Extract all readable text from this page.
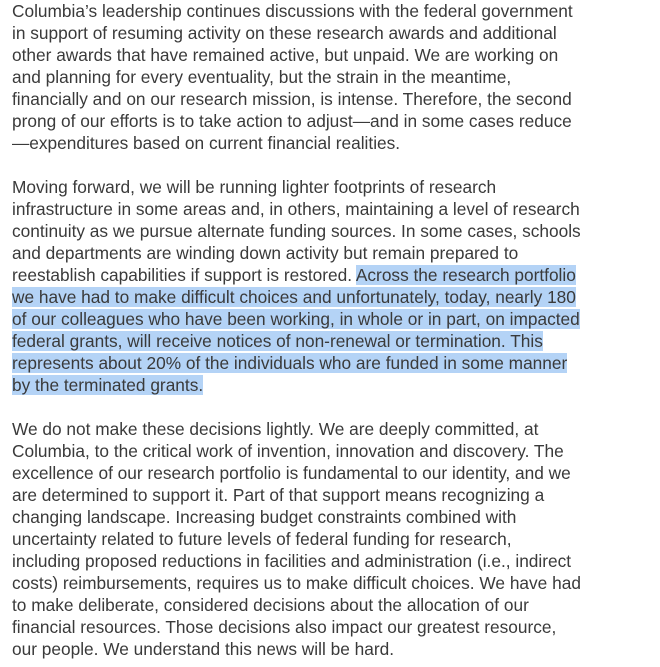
Columbia’s leadership continues discussions with the federal government
in support of resuming activity on these research awards and additional
other awards that have remained active, but unpaid. We are working on
and planning for every eventuality, but the strain in the meantime,
financially and on our research mission, is intense. Therefore, the second
prong of our efforts is to take action to adjust—and in some cases reduce
—expenditures based on current financial realities.
Moving forward, we will be running lighter footprints of research
infrastructure in some areas and, in others, maintaining a level of research
continuity as we pursue alternate funding sources. In some cases, schools
and departments are winding down activity but remain prepared to
reestablish capabilities if support is restored. Across the research portfolio
we have had to make difficult choices and unfortunately, today, nearly 180
of our colleagues who have been working, in whole or in part, on impacted
federal grants, will receive notices of non-renewal or termination. This
represents about 20% of the individuals who are funded in some manner
by the terminated grants.
We do not make these decisions lightly. We are deeply committed, at
Columbia, to the critical work of invention, innovation and discovery. The
excellence of our research portfolio is fundamental to our identity, and we
are determined to support it. Part of that support means recognizing a
changing landscape. Increasing budget constraints combined with
uncertainty related to future levels of federal funding for research,
including proposed reductions in facilities and administration (i.e., indirect
costs) reimbursements, requires us to make difficult choices. We have had
to make deliberate, considered decisions about the allocation of our
financial resources. Those decisions also impact our greatest resource,
our people. We understand this news will be hard.
